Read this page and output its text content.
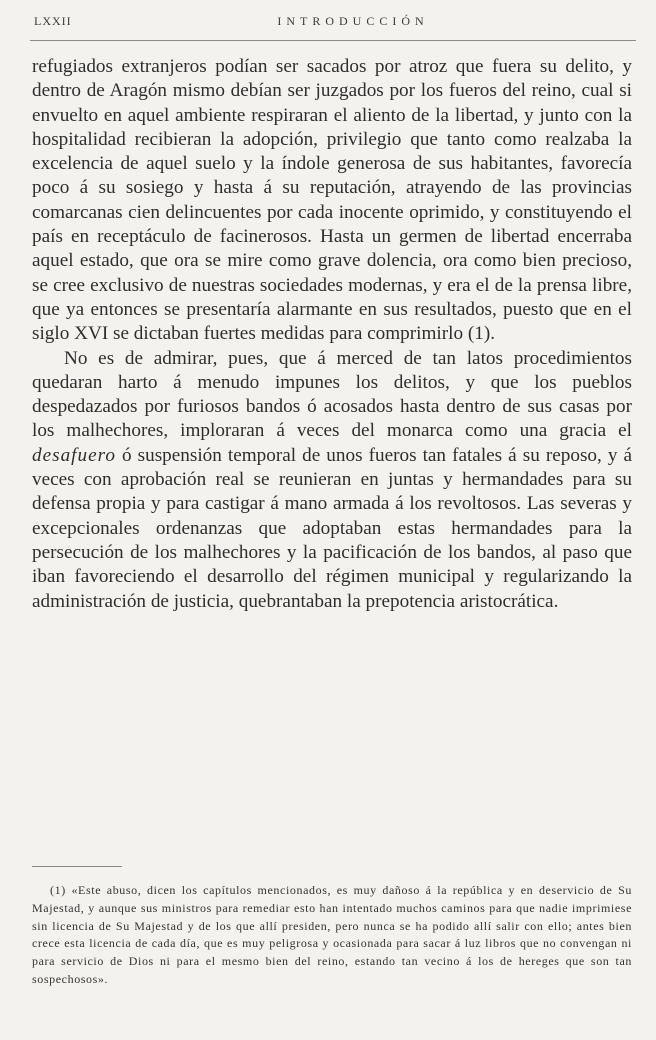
LXXII	INTRODUCCIÓN

refugiados extranjeros podían ser sacados por atroz que fuera su delito, y dentro de Aragón mismo debían ser juzgados por los fueros del reino, cual si envuelto en aquel ambiente respiraran el aliento de la libertad, y junto con la hospitalidad recibieran la adopción, privilegio que tanto como realzaba la excelencia de aquel suelo y la índole generosa de sus habitantes, favorecía poco á su sosiego y hasta á su reputación, atrayendo de las provincias comarcanas cien delincuentes por cada inocente oprimido, y constituyendo el país en receptáculo de facinerosos. Hasta un germen de libertad encerraba aquel estado, que ora se mire como grave dolencia, ora como bien precioso, se cree exclusivo de nuestras sociedades modernas, y era el de la prensa libre, que ya entonces se presentaría alarmante en sus resultados, puesto que en el siglo XVI se dictaban fuertes medidas para comprimirlo (1).

No es de admirar, pues, que á merced de tan latos procedimientos quedaran harto á menudo impunes los delitos, y que los pueblos despedazados por furiosos bandos ó acosados hasta dentro de sus casas por los malhechores, imploraran á veces del monarca como una gracia el desafuero ó suspensión temporal de unos fueros tan fatales á su reposo, y á veces con aprobación real se reunieran en juntas y hermandades para su defensa propia y para castigar á mano armada á los revoltosos. Las severas y excepcionales ordenanzas que adoptaban estas hermandades para la persecución de los malhechores y la pacificación de los bandos, al paso que iban favoreciendo el desarrollo del régimen municipal y regularizando la administración de justicia, quebrantaban la prepotencia aristocrática.

(1) «Este abuso, dicen los capítulos mencionados, es muy dañoso á la república y en deservicio de Su Majestad, y aunque sus ministros para remediar esto han intentado muchos caminos para que nadie imprimiese sin licencia de Su Majestad y de los que allí presiden, pero nunca se ha podido allí salir con ello; antes bien crece esta licencia de cada día, que es muy peligrosa y ocasionada para sacar á luz libros que no convengan ni para servicio de Dios ni para el mesmo bien del reino, estando tan vecino á los de hereges que son tan sospechosos».
